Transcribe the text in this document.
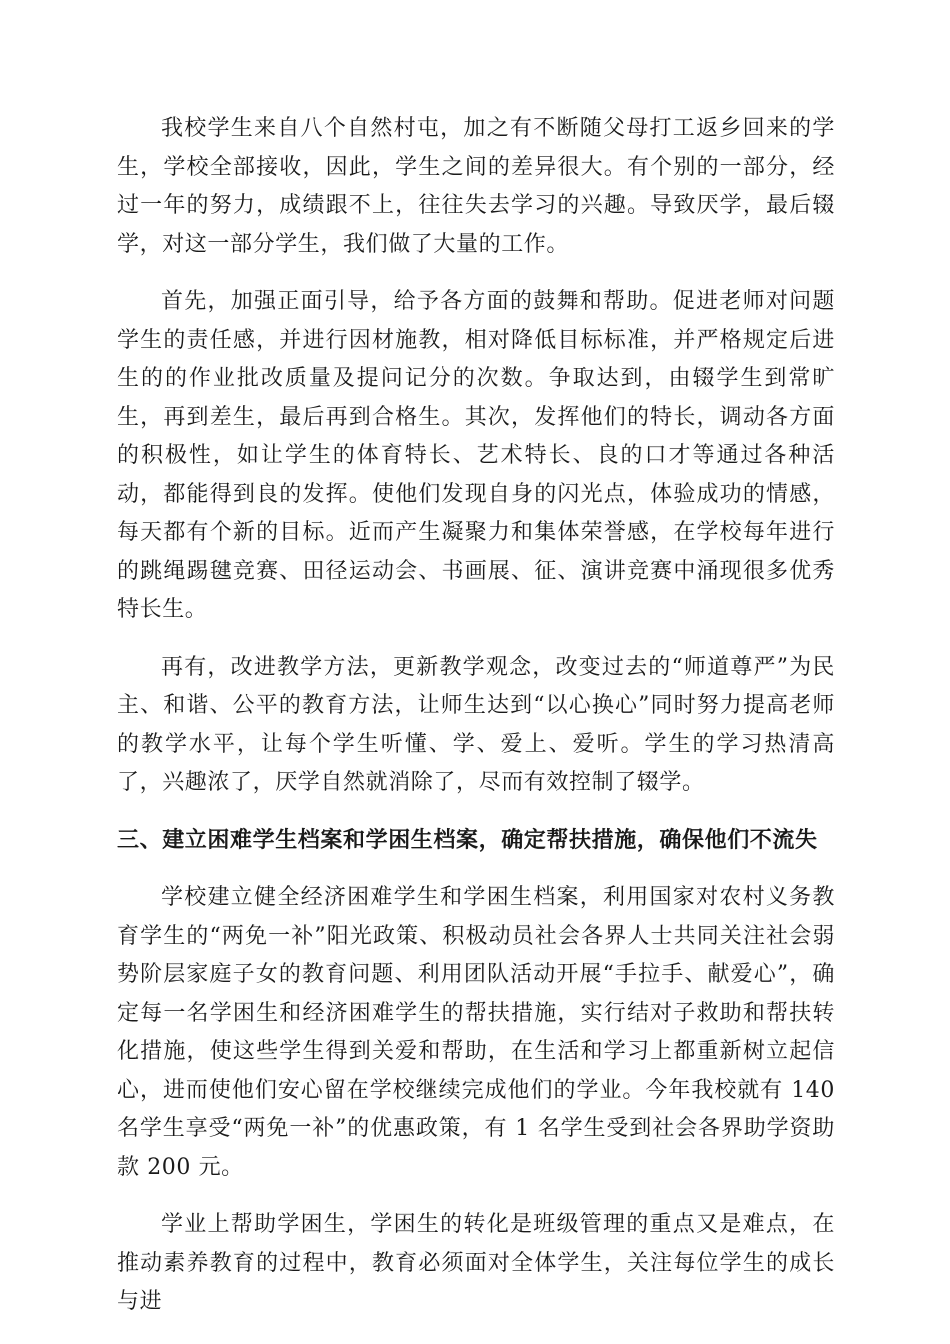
我校学生来自八个自然村屯，加之有不断随父母打工返乡回来的学生，学校全部接收，因此，学生之间的差异很大。有个别的一部分，经过一年的努力，成绩跟不上，往往失去学习的兴趣。导致厌学，最后辍学，对这一部分学生，我们做了大量的工作。

首先，加强正面引导，给予各方面的鼓舞和帮助。促进老师对问题学生的责任感，并进行因材施教，相对降低目标标准，并严格规定后进生的的作业批改质量及提问记分的次数。争取达到，由辍学生到常旷生，再到差生，最后再到合格生。其次，发挥他们的特长，调动各方面的积极性，如让学生的体育特长、艺术特长、良的口才等通过各种活动，都能得到良的发挥。使他们发现自身的闪光点，体验成功的情感，每天都有个新的目标。近而产生凝聚力和集体荣誉感，在学校每年进行的跳绳踢毽竞赛、田径运动会、书画展、征、演讲竞赛中涌现很多优秀特长生。

再有，改进教学方法，更新教学观念，改变过去的“师道尊严”为民主、和谐、公平的教育方法，让师生达到“以心换心”同时努力提高老师的教学水平，让每个学生听懂、学、爱上、爱听。学生的学习热清高了，兴趣浓了，厌学自然就消除了，尽而有效控制了辍学。

三、建立困难学生档案和学困生档案，确定帮扶措施，确保他们不流失

学校建立健全经济困难学生和学困生档案，利用国家对农村义务教育学生的“两免一补”阳光政策、积极动员社会各界人士共同关注社会弱势阶层家庭子女的教育问题、利用团队活动开展“手拉手、献爱心”，确定每一名学困生和经济困难学生的帮扶措施，实行结对子救助和帮扶转化措施，使这些学生得到关爱和帮助，在生活和学习上都重新树立起信心，进而使他们安心留在学校继续完成他们的学业。今年我校就有 140 名学生享受“两免一补”的优惠政策，有 1 名学生受到社会各界助学资助款 200 元。

学业上帮助学困生，学困生的转化是班级管理的重点又是难点，在推动素养教育的过程中，教育必须面对全体学生，关注每位学生的成长与进
